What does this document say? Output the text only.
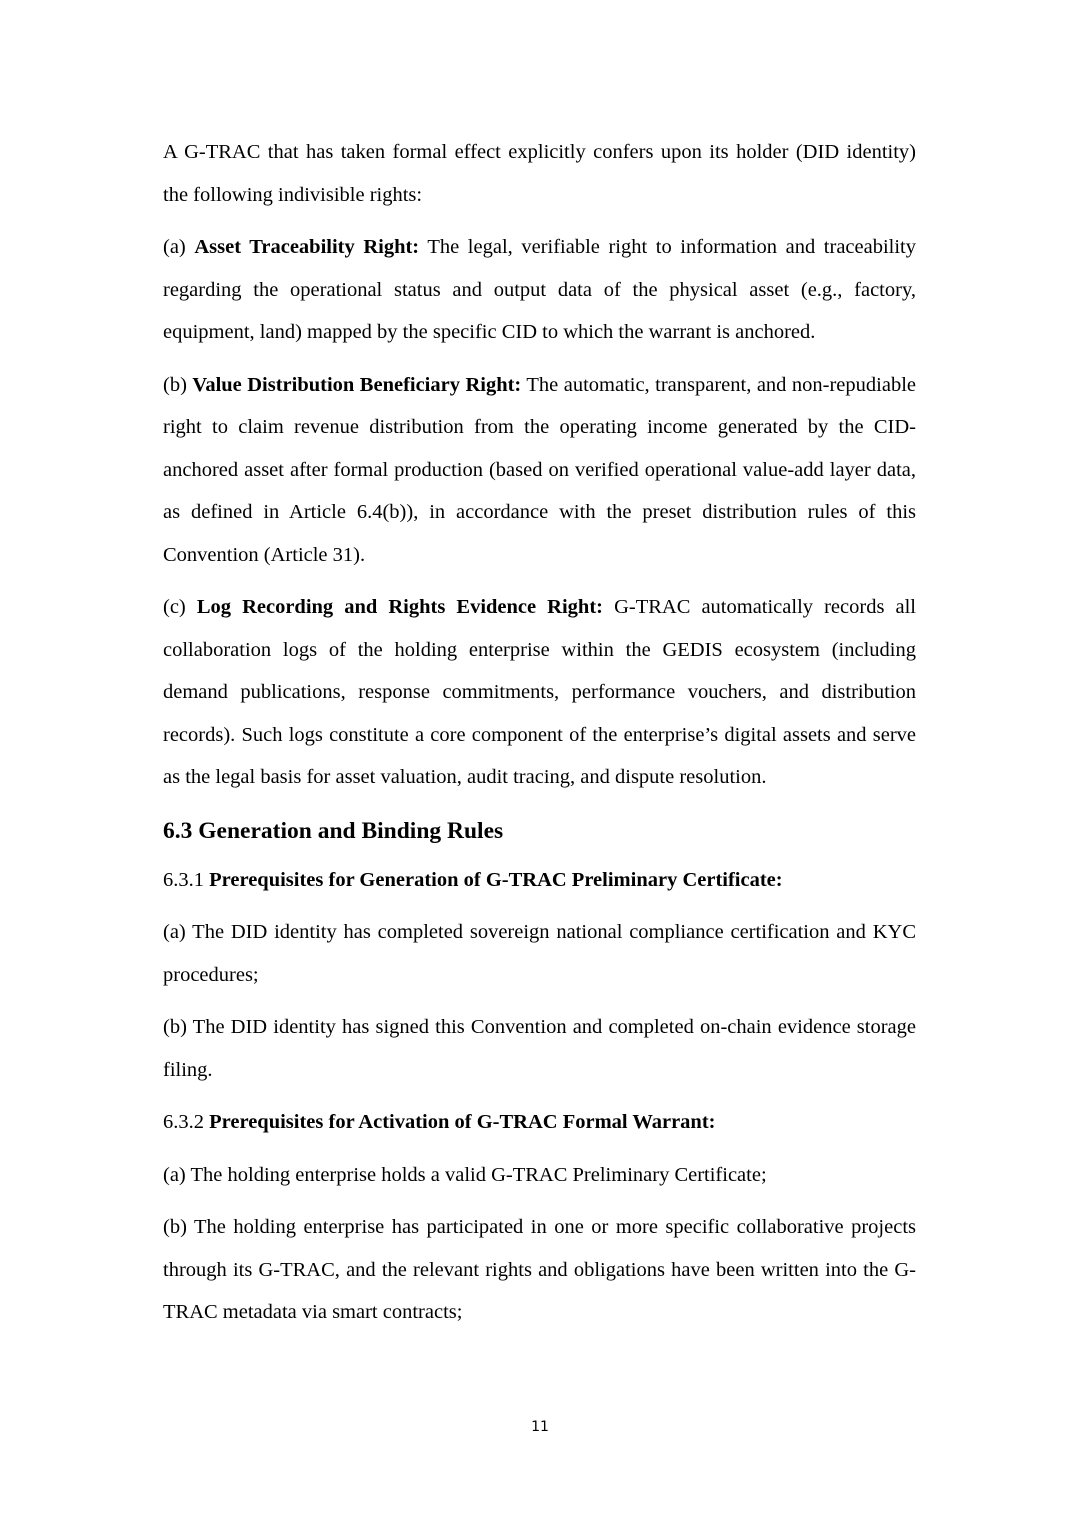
A G-TRAC that has taken formal effect explicitly confers upon its holder (DID identity) the following indivisible rights:

(a) Asset Traceability Right: The legal, verifiable right to information and traceability regarding the operational status and output data of the physical asset (e.g., factory, equipment, land) mapped by the specific CID to which the warrant is anchored.

(b) Value Distribution Beneficiary Right: The automatic, transparent, and non-repudiable right to claim revenue distribution from the operating income generated by the CID-anchored asset after formal production (based on verified operational value-add layer data, as defined in Article 6.4(b)), in accordance with the preset distribution rules of this Convention (Article 31).

(c) Log Recording and Rights Evidence Right: G-TRAC automatically records all collaboration logs of the holding enterprise within the GEDIS ecosystem (including demand publications, response commitments, performance vouchers, and distribution records). Such logs constitute a core component of the enterprise’s digital assets and serve as the legal basis for asset valuation, audit tracing, and dispute resolution.

6.3 Generation and Binding Rules

6.3.1 Prerequisites for Generation of G-TRAC Preliminary Certificate:

(a) The DID identity has completed sovereign national compliance certification and KYC procedures;

(b) The DID identity has signed this Convention and completed on-chain evidence storage filing.

6.3.2 Prerequisites for Activation of G-TRAC Formal Warrant:

(a) The holding enterprise holds a valid G-TRAC Preliminary Certificate;

(b) The holding enterprise has participated in one or more specific collaborative projects through its G-TRAC, and the relevant rights and obligations have been written into the G-TRAC metadata via smart contracts;

11
